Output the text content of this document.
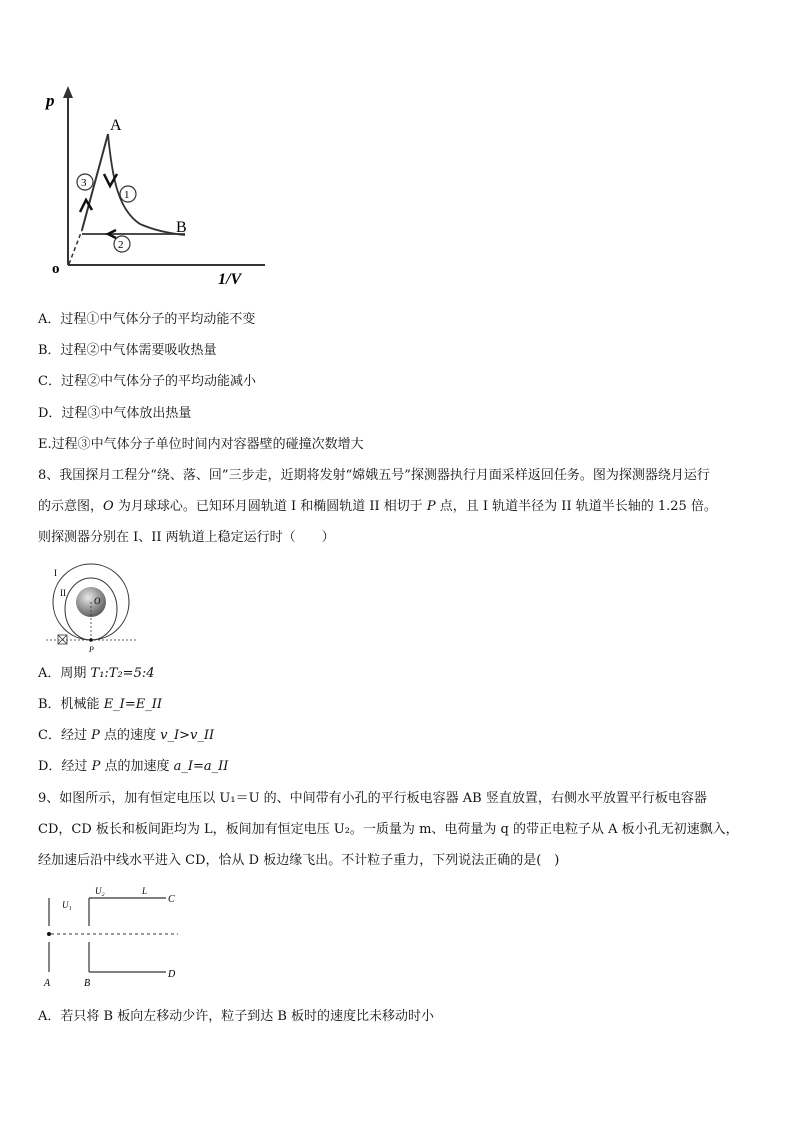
p
1/V
o
A
B
1
2
3
A．过程①中气体分子的平均动能不变
B．过程②中气体需要吸收热量
C．过程②中气体分子的平均动能减小
D．过程③中气体放出热量
E.过程③中气体分子单位时间内对容器壁的碰撞次数增大
8、我国探月工程分“绕、落、回”三步走，近期将发射“嫦娥五号”探测器执行月面采样返回任务。图为探测器绕月运行
的示意图，O 为月球球心。已知环月圆轨道 I 和椭圆轨道 II 相切于 P 点，且 I 轨道半径为 II 轨道半长轴的 1.25 倍。
则探测器分别在 I、II 两轨道上稳定运行时（　　）
I
II
O
P
A．周期 T₁:T₂=5:4
B．机械能 E_I=E_II
C．经过 P 点的速度 v_I>v_II
D．经过 P 点的加速度 a_I=a_II
9、如图所示，加有恒定电压以 U₁＝U 的、中间带有小孔的平行板电容器 AB 竖直放置，右侧水平放置平行板电容器
CD，CD 板长和板间距均为 L，板间加有恒定电压 U₂。一质量为 m、电荷量为 q 的带正电粒子从 A 板小孔无初速飘入，
经加速后沿中线水平进入 CD，恰从 D 板边缘飞出。不计粒子重力，下列说法正确的是(　)
U₁
U₂	L
C
D
A	B
A．若只将 B 板向左移动少许，粒子到达 B 板时的速度比未移动时小
